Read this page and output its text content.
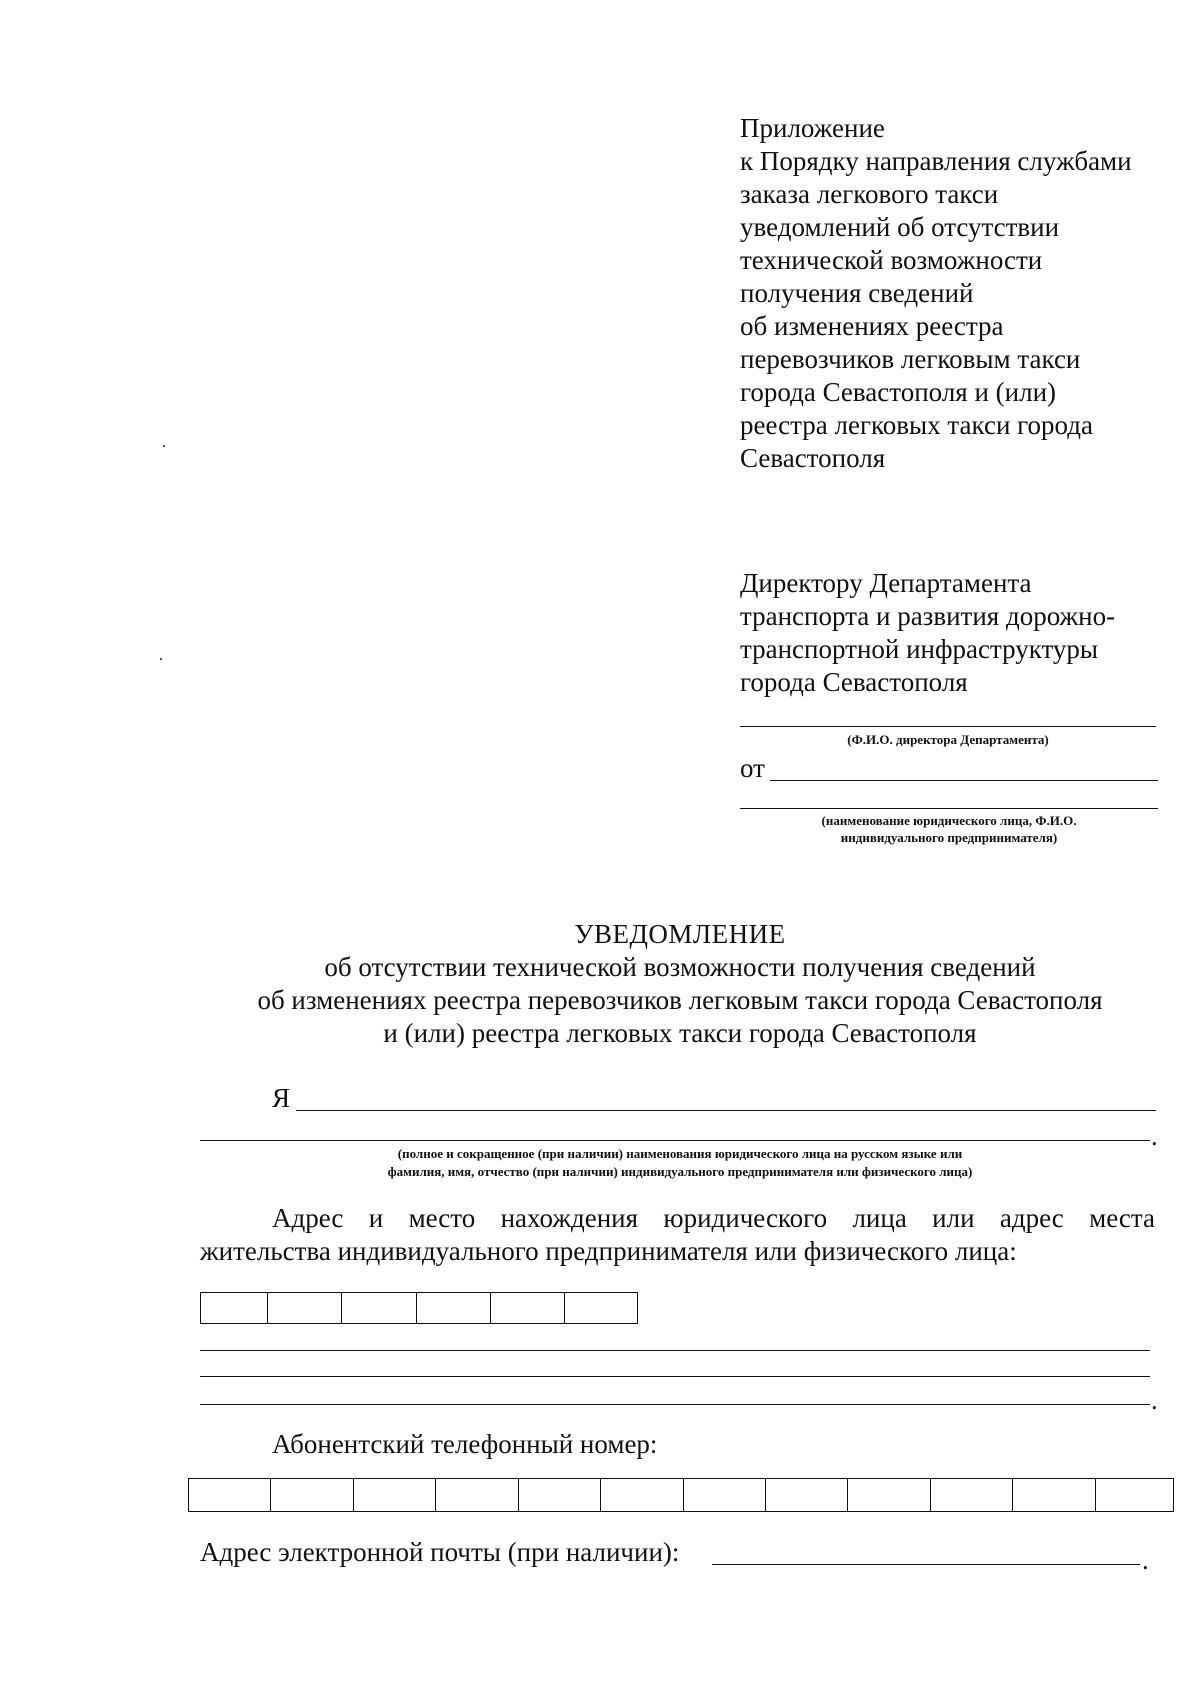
Приложение
к Порядку направления службами
заказа легкового такси
уведомлений об отсутствии
технической возможности
получения сведений
об изменениях реестра
перевозчиков легковым такси
города Севастополя и (или)
реестра легковых такси города
Севастополя
Директору Департамента
транспорта и развития дорожно-
транспортной инфраструктуры
города Севастополя
(Ф.И.О. директора Департамента)
от
(наименование юридического лица, Ф.И.О.
индивидуального предпринимателя)
УВЕДОМЛЕНИЕ
об отсутствии технической возможности получения сведений
об изменениях реестра перевозчиков легковым такси города Севастополя
и (или) реестра легковых такси города Севастополя
Я
.
(полное и сокращенное (при наличии) наименования юридического лица на русском языке или
фамилия, имя, отчество (при наличии) индивидуального предпринимателя или физического лица)
Адрес и место нахождения юридического лица или адрес места
жительства индивидуального предпринимателя или физического лица:
.
Абонентский телефонный номер:
Адрес электронной почты (при наличии):	.
